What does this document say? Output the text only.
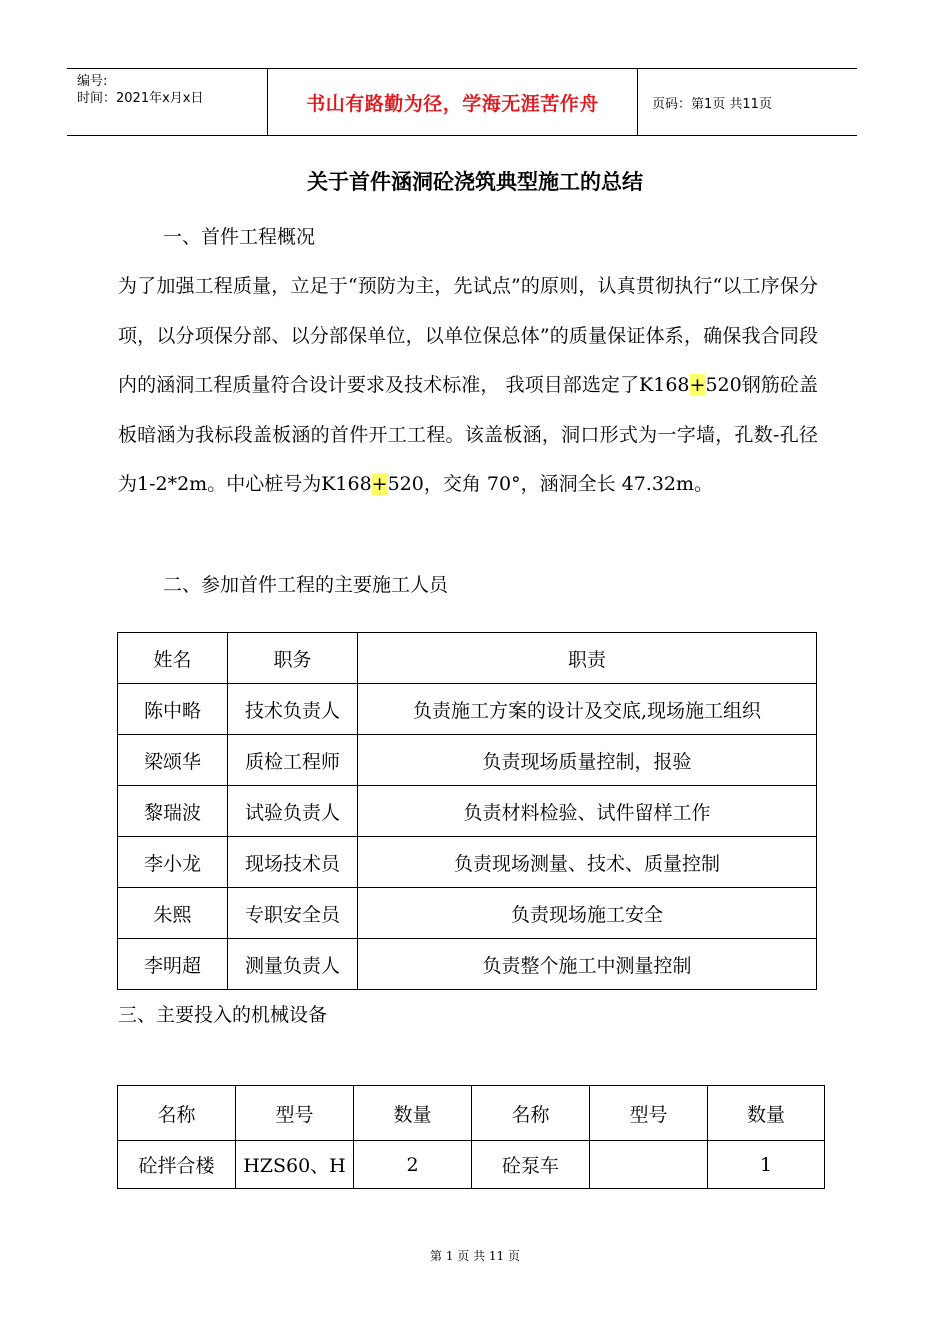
编号:
时间：2021年x月x日	书山有路勤为径，学海无涯苦作舟	页码：第1页 共11页
关于首件涵洞砼浇筑典型施工的总结
一、首件工程概况
为了加强工程质量，立足于“预防为主，先试点”的原则，认真贯彻执行“以工序保分项，以分项保分部、以分部保单位，以单位保总体”的质量保证体系，确保我合同段内的涵洞工程质量符合设计要求及技术标准， 我项目部选定了K168+520钢筋砼盖板暗涵为我标段盖板涵的首件开工工程。该盖板涵，洞口形式为一字墙，孔数-孔径为1-2*2m。中心桩号为K168+520，交角 70°，涵洞全长 47.32m。
二、参加首件工程的主要施工人员
姓名	职务	职责
陈中略	技术负责人	负责施工方案的设计及交底,现场施工组织
梁颂华	质检工程师	负责现场质量控制，报验
黎瑞波	试验负责人	负责材料检验、试件留样工作
李小龙	现场技术员	负责现场测量、技术、质量控制
朱熙	专职安全员	负责现场施工安全
李明超	测量负责人	负责整个施工中测量控制
三、主要投入的机械设备
名称	型号	数量	名称	型号	数量
砼拌合楼	HZS60、H	2	砼泵车		1
第 1 页 共 11 页
